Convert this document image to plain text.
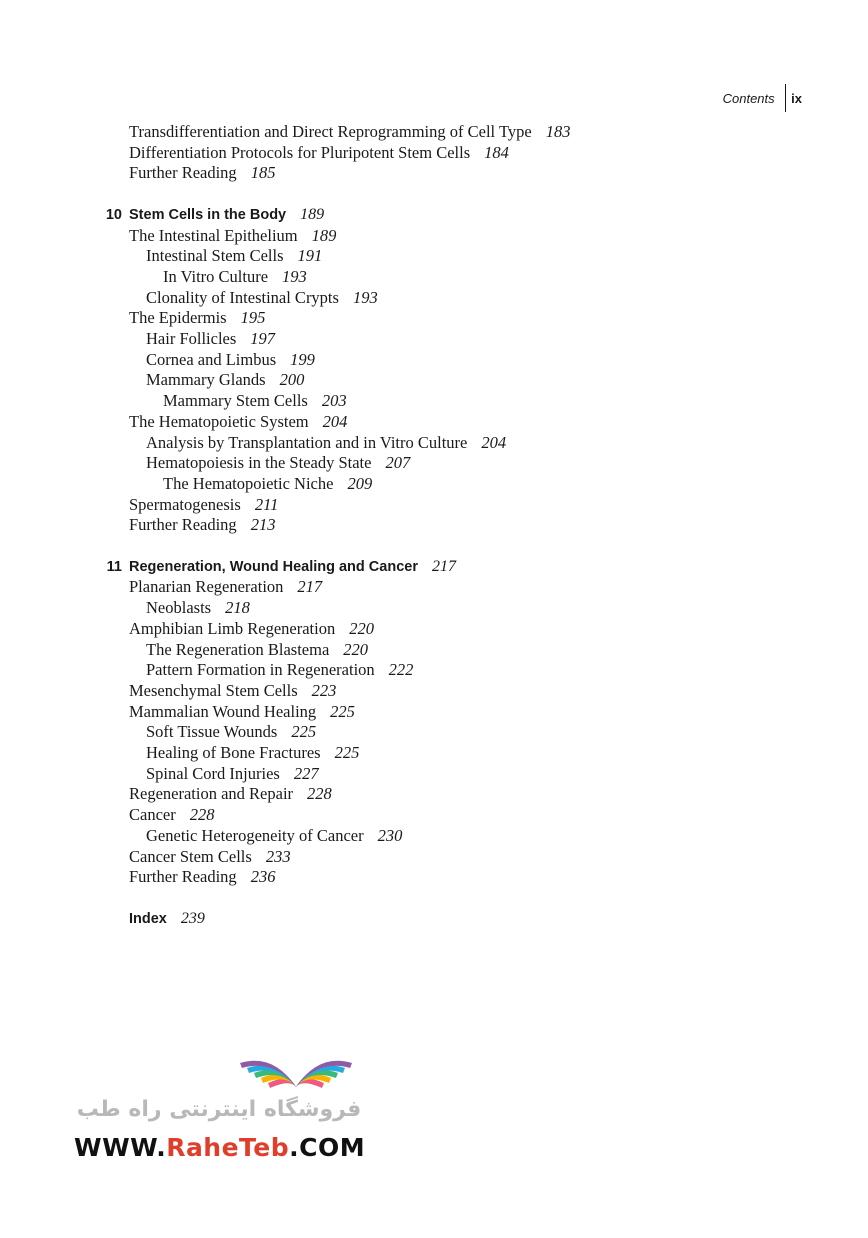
Contents	ix
Transdifferentiation and Direct Reprogramming of Cell Type 183
Differentiation Protocols for Pluripotent Stem Cells 184
Further Reading 185
10 Stem Cells in the Body 189
The Intestinal Epithelium 189
Intestinal Stem Cells 191
In Vitro Culture 193
Clonality of Intestinal Crypts 193
The Epidermis 195
Hair Follicles 197
Cornea and Limbus 199
Mammary Glands 200
Mammary Stem Cells 203
The Hematopoietic System 204
Analysis by Transplantation and in Vitro Culture 204
Hematopoiesis in the Steady State 207
The Hematopoietic Niche 209
Spermatogenesis 211
Further Reading 213
11 Regeneration, Wound Healing and Cancer 217
Planarian Regeneration 217
Neoblasts 218
Amphibian Limb Regeneration 220
The Regeneration Blastema 220
Pattern Formation in Regeneration 222
Mesenchymal Stem Cells 223
Mammalian Wound Healing 225
Soft Tissue Wounds 225
Healing of Bone Fractures 225
Spinal Cord Injuries 227
Regeneration and Repair 228
Cancer 228
Genetic Heterogeneity of Cancer 230
Cancer Stem Cells 233
Further Reading 236
Index 239
فروشگاه اینترنتی راه طب
WWW.RaheTeb.COM
